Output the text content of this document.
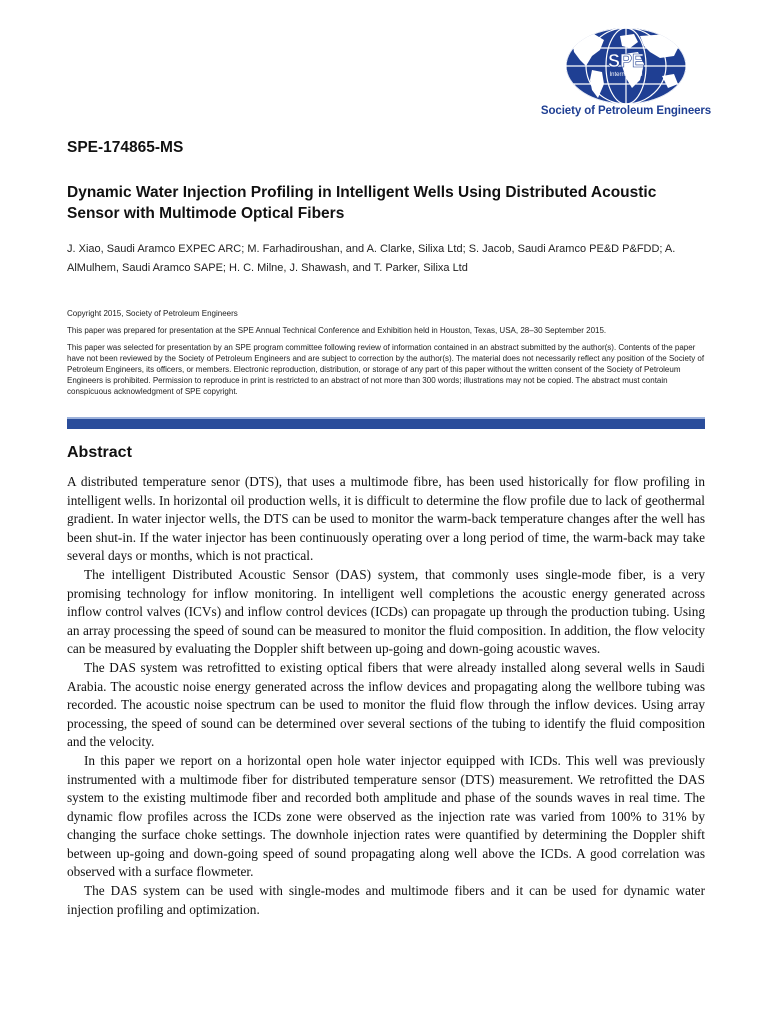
SPE
International
Society of Petroleum Engineers
SPE-174865-MS
Dynamic Water Injection Profiling in Intelligent Wells Using Distributed Acoustic Sensor with Multimode Optical Fibers
J. Xiao, Saudi Aramco EXPEC ARC; M. Farhadiroushan, and A. Clarke, Silixa Ltd; S. Jacob, Saudi Aramco PE&D P&FDD; A. AlMulhem, Saudi Aramco SAPE; H. C. Milne, J. Shawash, and T. Parker, Silixa Ltd

Copyright 2015, Society of Petroleum Engineers

This paper was prepared for presentation at the SPE Annual Technical Conference and Exhibition held in Houston, Texas, USA, 28–30 September 2015.

This paper was selected for presentation by an SPE program committee following review of information contained in an abstract submitted by the author(s). Contents of the paper have not been reviewed by the Society of Petroleum Engineers and are subject to correction by the author(s). The material does not necessarily reflect any position of the Society of Petroleum Engineers, its officers, or members. Electronic reproduction, distribution, or storage of any part of this paper without the written consent of the Society of Petroleum Engineers is prohibited. Permission to reproduce in print is restricted to an abstract of not more than 300 words; illustrations may not be copied. The abstract must contain conspicuous acknowledgment of SPE copyright.

Abstract

A distributed temperature senor (DTS), that uses a multimode fibre, has been used historically for flow profiling in intelligent wells. In horizontal oil production wells, it is difficult to determine the flow profile due to lack of geothermal gradient. In water injector wells, the DTS can be used to monitor the warm-back temperature changes after the well has been shut-in. If the water injector has been continuously operating over a long period of time, the warm-back may take several days or months, which is not practical.

The intelligent Distributed Acoustic Sensor (DAS) system, that commonly uses single-mode fiber, is a very promising technology for inflow monitoring. In intelligent well completions the acoustic energy generated across inflow control valves (ICVs) and inflow control devices (ICDs) can propagate up through the production tubing. Using an array processing the speed of sound can be measured to monitor the fluid composition. In addition, the flow velocity can be measured by evaluating the Doppler shift between up-going and down-going acoustic waves.

The DAS system was retrofitted to existing optical fibers that were already installed along several wells in Saudi Arabia. The acoustic noise energy generated across the inflow devices and propagating along the wellbore tubing was recorded. The acoustic noise spectrum can be used to monitor the fluid flow through the inflow devices. Using array processing, the speed of sound can be determined over several sections of the tubing to identify the fluid composition and the velocity.

In this paper we report on a horizontal open hole water injector equipped with ICDs. This well was previously instrumented with a multimode fiber for distributed temperature sensor (DTS) measurement. We retrofitted the DAS system to the existing multimode fiber and recorded both amplitude and phase of the sounds waves in real time. The dynamic flow profiles across the ICDs zone were observed as the injection rate was varied from 100% to 31% by changing the surface choke settings. The downhole injection rates were quantified by determining the Doppler shift between up-going and down-going speed of sound propagating along well above the ICDs. A good correlation was observed with a surface flowmeter.

The DAS system can be used with single-modes and multimode fibers and it can be used for dynamic water injection profiling and optimization.
